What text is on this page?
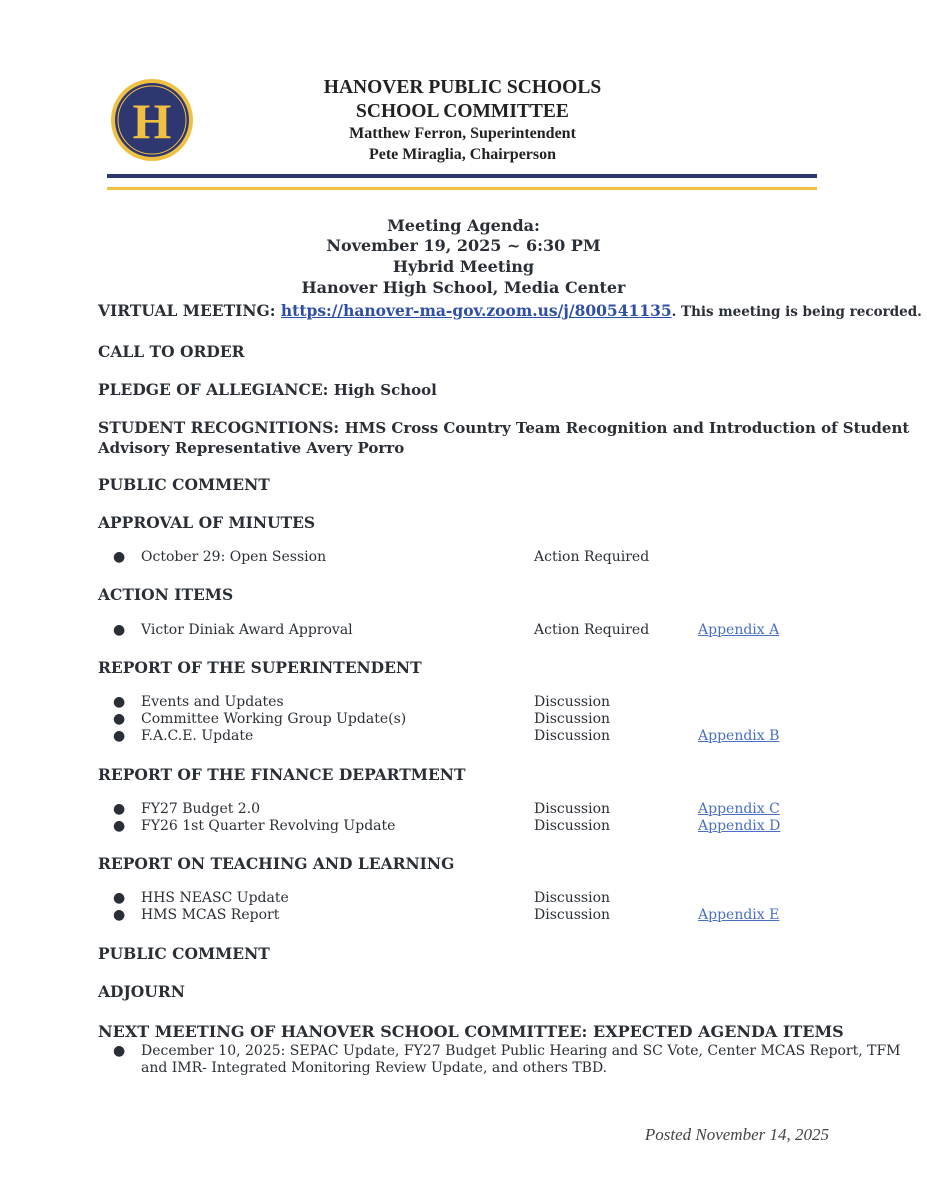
H
HANOVER PUBLIC SCHOOLS
SCHOOL COMMITTEE
Matthew Ferron, Superintendent
Pete Miraglia, Chairperson
Meeting Agenda:
November 19, 2025 ~ 6:30 PM
Hybrid Meeting
Hanover High School, Media Center
VIRTUAL MEETING: https://hanover-ma-gov.zoom.us/j/800541135. This meeting is being recorded.
CALL TO ORDER
PLEDGE OF ALLEGIANCE: High School
STUDENT RECOGNITIONS: HMS Cross Country Team Recognition and Introduction of Student
Advisory Representative Avery Porro
PUBLIC COMMENT
APPROVAL OF MINUTES
● October 29: Open Session	Action Required
ACTION ITEMS
● Victor Diniak Award Approval	Action Required	Appendix A
REPORT OF THE SUPERINTENDENT
● Events and Updates	Discussion
● Committee Working Group Update(s)	Discussion
● F.A.C.E. Update	Discussion	Appendix B
REPORT OF THE FINANCE DEPARTMENT
● FY27 Budget 2.0	Discussion	Appendix C
● FY26 1st Quarter Revolving Update	Discussion	Appendix D
REPORT ON TEACHING AND LEARNING
● HHS NEASC Update	Discussion
● HMS MCAS Report	Discussion	Appendix E
PUBLIC COMMENT
ADJOURN
NEXT MEETING OF HANOVER SCHOOL COMMITTEE: EXPECTED AGENDA ITEMS
● December 10, 2025: SEPAC Update, FY27 Budget Public Hearing and SC Vote, Center MCAS Report, TFM
and IMR- Integrated Monitoring Review Update, and others TBD.
Posted November 14, 2025
